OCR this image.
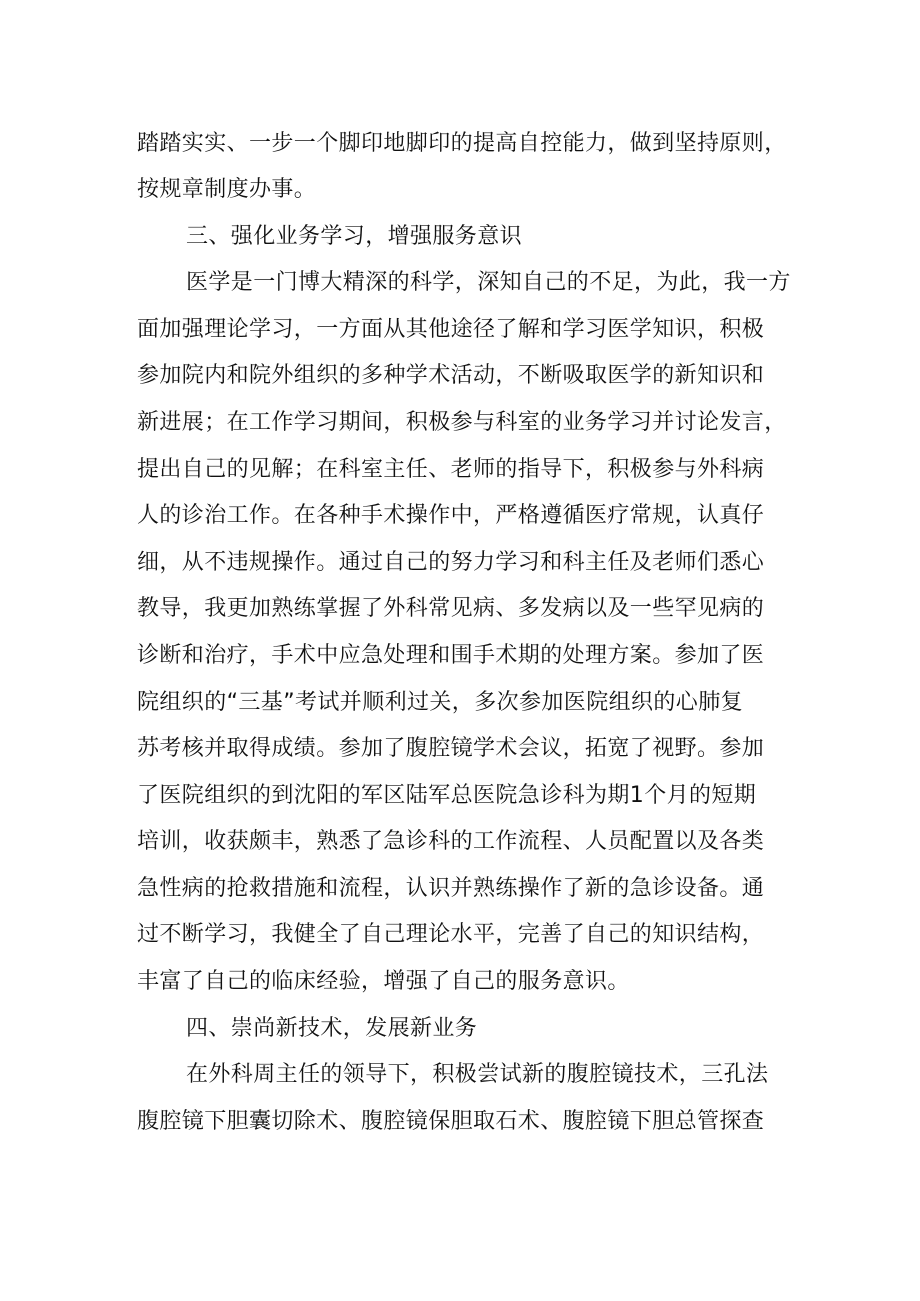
踏踏实实、一步一个脚印地脚印的提高自控能力，做到坚持原则，
按规章制度办事。
三、强化业务学习，增强服务意识
医学是一门博大精深的科学，深知自己的不足，为此，我一方
面加强理论学习，一方面从其他途径了解和学习医学知识，积极
参加院内和院外组织的多种学术活动，不断吸取医学的新知识和
新进展；在工作学习期间，积极参与科室的业务学习并讨论发言，
提出自己的见解；在科室主任、老师的指导下，积极参与外科病
人的诊治工作。在各种手术操作中，严格遵循医疗常规，认真仔
细，从不违规操作。通过自己的努力学习和科主任及老师们悉心
教导，我更加熟练掌握了外科常见病、多发病以及一些罕见病的
诊断和治疗，手术中应急处理和围手术期的处理方案。参加了医
院组织的“三基”考试并顺利过关，多次参加医院组织的心肺复
苏考核并取得成绩。参加了腹腔镜学术会议，拓宽了视野。参加
了医院组织的到沈阳的军区陆军总医院急诊科为期1个月的短期
培训，收获颇丰，熟悉了急诊科的工作流程、人员配置以及各类
急性病的抢救措施和流程，认识并熟练操作了新的急诊设备。通
过不断学习，我健全了自己理论水平，完善了自己的知识结构，
丰富了自己的临床经验，增强了自己的服务意识。
四、崇尚新技术，发展新业务
在外科周主任的领导下，积极尝试新的腹腔镜技术，三孔法
腹腔镜下胆囊切除术、腹腔镜保胆取石术、腹腔镜下胆总管探查
